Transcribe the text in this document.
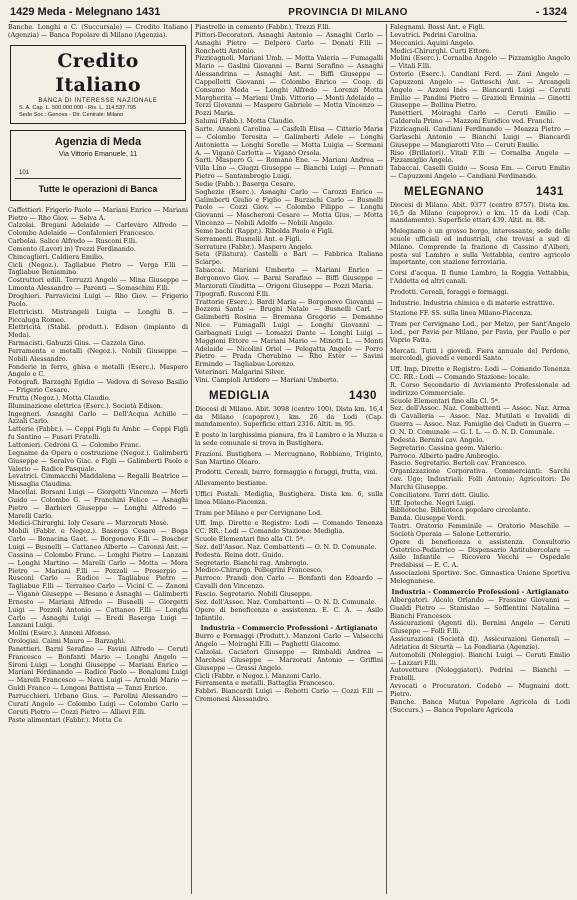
1429 Meda - Melegnano 1431	PROVINCIA DI MILANO	- 1324

Banche. Longhi e C. (Succursale) — Credito Italiano (Agenzia) — Banca Popolare di Milano (Agenzia).

Credito Italiano
BANCA DI INTERESSE NAZIONALE
S. A. Cap. L. 500.000.000 - Ris. L. 114.537.795
Sede Soc.: Genova - Dir. Centrale: Milano
Agenzia di Meda
Via Vittorio Emanuele, 11
101
Tutte le operazioni di Banca

Caffettieri. Frigerio Paolo — Mariani Enrico — Mariani Pietro — Rho Giov. — Selva A.

Calzolai. Bregani Adelaide — Carlevaro Alfredo — Colombo Adelaide — Confalonieri Francesco.

Carbolai. Salice Alfredo — Rusconi F.lli.

Cemento (Lavori in) Trezzi Ferdinando.

Chincaglieri. Caldiera Emilio.

Cicli (Negoz.). Tagliabue Pietro — Verga F.lli — Tagliabue Beniamino.

Costruttori edili. Terruzzi Angelo — Mina Giuseppe — Limonta Alessandro — Parenti — Somaschini F.lli.

Droghieri. Parravicini Luigi — Rho Giov. — Frigerio Paolo.

Elettricisti. Mistrangeli Luigia — Longhi B. — Piccaluga Romeo.

Elettricità (Stabil. produtt.). Edison (impianto di Meda).

Farmacisti. Gabuzzi Gius. — Cazzola Gino.

Ferramenta e metalli (Negoz.). Nobili Giuseppe — Nobili Alessandro.

Fonderie in ferro, ghisa e metalli (Eserc.). Maspero Angelo e C.

Fotografi. Barzaghi Egidio — Vedova di Seveso Basilio — Frigerio Cesare.

Frutta (Negoz.). Motta Claudio.

Illuminazione elettrica (Eserc.). Società Edison.

Ingegneri. Asnaghi Carlo — Dell'Acqua Achille — Azzali Carlo.

Latterie (Fabbr.). — Ceppi Figli fu Ambr. — Ceppi Figli fu Santino — Fusari Fratelli.

Lattonieri. Cedroni G. — Colombo Franc.

Legname da Opera e costruzione (Negoz.). Galimberti Giuseppe — Seralvo Giac. e Figli — Galimberti Paolo e Valerio — Radice Pasquale.

Levatrici. Cimmacchi Maddalena — Regalli Beatrice — Missaglia Claudina.

Macellai. Borsani Luigi — Giorgetti Vincenzo — Merli Guido — Colombo G. — Franchini Felice — Asnaghi Pietro — Barbieri Giuseppe — Longhi Alfredo — Marelli Carlo.

Medici-Chirurghi. Ioly Cesare — Marzorati Mosè.

Mobili (Fabbr. e Negoz.). Baserga Cesare — Boga Carlo — Bonacina Gaet. — Borgonovo F.lli — Boscher Luigi — Busnelli — Cattaneo Alberto — Caronni Ant. — Cassina — Colombo Franc. — Longhi Pietro — Lanzani — Longhi Martino — Marelli Carlo — Motta — Mora Pietro — Mariani F.lli — Pozzoli — Proserpio — Rusconi Carlo — Radice — Tagliabue Pietro — Tagliabue F.lli — Terraneo Carlo — Vicini C. — Zanoni — Viganò Giuseppe — Besana e Asnaghi — Galimberti Ernesto — Mariani Alfredo — Busnelli — Giorgetti Luigi — Pozzoli Antonio — Cattaneo F.lli — Longhi Carlo — Asnaghi Luigi — Eredi Baserga Luigi — Lanzani Luigi.

Molini (Eserc.). Annoni Alfonso.

Orologiai. Caimi Mauro — Barzaghi.

Panettieri. Barni Serafino — Favini Alfredo — Ceruti Francesco — Bonfanti Mario — Longhi Angelo — Sironi Luigi — Longhi Giuseppe — Mariani Enrico — Mariani Ferdinando — Radice Paolo — Bonalumi Luigi — Marelli Francesco — Nava Luigi — Arnoldi Mario — Guldi Franco — Longoni Battista — Tanzi Enrico.

Parrucchieri. Urbano Gius. — Parolini Alessandro — Curati Angelo — Colombo Luigi — Colombo Carlo — Ceruti Pietro — Cozzi Pietro — Allievi F.lli.

Paste alimentari (Fabbr.). Motta Ce

Piastrelle in cemento (Fabbr.). Trezzi F.lli.

Pittori-Decoratori. Asnaghi Antonio — Asnaghi Carlo — Asnaghi Pietro — Delpero Carlo — Donati F.lli — Ronchetti Antonio.

Pizzicagnoli. Mariani Umb. — Motta Valeria — Fumagalli Mario — Gaslini Giovanni — Barni Serafino — Asnaghi Alessandrina — Asnaghi Ant. — Biffi Giuseppe — Cappelletti Giovanni — Colombo Enrico — Coop. di Consumo Meda — Longhi Alfredo — Lorenzi Motta Margherita — Mariani Umb. Vittorio — Monti Adelaide — Terzi Giovanni — Maspero Gabriele — Motta Vincenzo — Pozzi Maria.

Salumi (Fabb.). Motta Claudio.

Sarte. Annoni Carolina — Casfelli Elisa — Citterio Maria — Colombo Teresita — Galimberti Adele — Longhi Antonietta — Longhi Sorelle — Motta Luigia — Sormani A. — Viganò Carlotta — Viganò Orsola.

Sarti. Maspero G. — Romanò Ene. — Mariani Andrea — Villa Lino — Giugzi Giuseppe — Bianchi Luigi — Pennati Pietro — Santambrogio Luigi.

Sedie (Fabb.). Baserga Cesare.

Soghezie (Eserc.). Asnaghi Carlo — Carozzi Enrico — Galimberti Giulio e Figlio — Burzachi Carlo — Busnelli Paolo — Cozzi Giov. — Colombo Filippo — Longhi Giovanni — Mascheroni Cesare — Motta Gius. — Motta Vincenzo — Nobili Adolfo — Nobili Angelo.

Seme bachi (Rappr.). Ribolda Paolo e Figli.

Serramenti. Busnelli Ant. e Figli.

Serrature (Fabbr.). Maspero Angelo.

Seta (Filatura). Castelli e Bari — Fabbrica Italiana Sciarpe.

Tabaccai. Mariani Umberto — Mariani Enrico — Borgonovo Giov. — Barni Serafino — Biffi Giuseppe — Marzorati Giuditta — Origoni Giuseppe — Pozzi Maria.

Tipografi. Rusconi F.lli.

Trattorie (Eserc.). Bardi Maria — Borgonovo Giovanni — Bozzeni Santa — Brugni Natale — Busnelli Carl. — Galimberti Rosina — Bremana Gregorio — Demanno Nice. — Fumagalli Luigi — Longhi Giovanni — Garbagnati Luigi — Lomazzi Dante — Longhi Luigi — Maggioni Ettore — Mariani Mario — Minotti L. — Monti Adelaide — Nicolini Oriel — Pelegatta Angelo — Porro Pietro — Prada Cherubino — Rho Ester — Savini Ermindo — Tagliabue Lorenzo.

Veterinari. Malgarini Silver.

Vini. Campioli Artidoro — Mariani Umberto.

MEDIGLIA	1430

Diocesi di Milano. Abit. 3098 (centro 100). Dista km. 16,4 da Milano (capoprov.), km. 26 da Lodi (Cap. mandamento). Superficie ettari 2316. Altit. m. 95.

È posto in larghissima pianura, fra il Lambro e la Muzza e la sede comunale si trova in Bustighera.

Frazioni. Bustighera — Mercugnano, Robbiano, Triginto, San Martino Olearo.

Prodotti. Cereali, burro, formaggio e foraggi, frutta, vini.

Allevamento bestiame.

Uffici Postali. Mediglia, Bustighera. Dista km. 6, sulla linea Milano-Piacenza.

Tram per Milano e per Cervignano Lod.

Uff. Imp. Dirette e Registro: Lodi — Comando Tenenza CC. RR.: Lodi — Comando Stazione: Mediglia.

Scuole Elementari fino alla Cl. 5ª.

Sez. dell'Assoc. Naz. Combattenti — O. N. D. Comunale.

Podestà. Reina dott. Guido.

Segretario. Bianchi rag. Ambrogio.

Medico-Chirurgo. Pellegrini Francesco.

Parroco. Prandi don Carlo — Bonfanti don Edoardo — Cavalli don Vincenzo.

Fascio. Segretario. Nobili Giuseppe.

Sez. dell'Assoc. Naz. Combattenti — O. N. D. Comunale.

Opere di beneficenza e assistenza. E. C. A. — Asilo Infantile.

Industria - Commercio Professioni - Artigianato

Burro e Formaggi (Produtt.). Manzoni Carlo — Valsecchi Angelo — Moiraghi F.lli — Paghetti Giacomo.

Calzolai. Caciatori Giuseppe — Rimbaldi Andrea — Marchesi Giuseppe — Marzorati Antonio — Griffini Giuseppe — Grassi Angelo.

Cicli (Fabbr. e Negoz.). Manzoni Carlo.

Ferramenta e metalli. Battaglia Francesco.

Fabbri. Biancardi Luigi — Rebotti Carlo — Cozzi F.lli — Cremonesi Alessandro.

Falegnami. Bossi Ant. e Figli.

Levatrici. Pedrini Carolina.

Meccanici. Aquini Angelo.

Medici-Chirurghi. Curti Ettore.

Molini (Eserc.). Cornalba Angelo — Pizzamiglio Angelo — Vitali F.lli.

Osterie (Eserc.). Candiani Ferd. — Zani Angelo — Capuzzoni Angelo — Gatteschi Ant. — Arcangeli Angelo — Azzoni Inès — Biancardi Luigi — Ceruti Emilio — Pandini Pietro — Grazioli Erminia — Ginetti Giuseppe — Bollina Pietro.

Panettieri. Moiraghi Carlo — Ceruti Emilio — Calderola Primo — Mazzoni Euridice ved. Franchi.

Pizzicagnoli. Candiani Ferdinando — Meazza Pietro — Garlaschi Antonio — Bianchi Luigi — Biancardi Giuseppe — Mangiarotti Vito — Ceruti Emilio.

Riso (Brillatori). Vitali F.lli — Cornalba Angelo — Pizzamiglio Angelo.

Tabaccai. Caselli Guido — Scesa Em. — Ceruti Emilio — Capuzzoni Angelo — Candiani Ferdinando.

MELEGNANO	1431

Diocesi di Milano. Abit. 9377 (centro 8757). Dista km. 16,5 da Milano (capoprov.) e km. 15 da Lodi (Cap. mandamento). Superficie ettari 439. Altit. m. 88.

Melegnano è un grosso borgo, interessante, sede delle scuole ufficiali ed industriali, che trovasi a sud di Milano. Comprende la frazione di Cassino d'Alberi, posta sul Lambro e sulla Vettabbia, centro agricolo importante, con stazione ferroviaria.

Corsi d'acqua. Il fiume Lambro, la Roggia Vettabbia, l'Addetta ed altri canali.

Prodotti. Cereali, foraggi e formaggi.

Industrie. Industria chimica e di materie estrattive.

Stazione FF. SS. sulla linea Milano-Piacenza.

Tram per Cervignano Lod., per Melzo, per Sant'Angelo Lod., per Pavia per Milano, per Pavia, per Paullo e per Vaprio Fatta.

Mercati. Tutti i giovedì. Fiera annuale del Perdono, mercoledì, giovedì e venerdì Santo.

Uff. Imp. Dirette e Registro: Lodi — Comando Tenenza CC. RR.: Lodi — Comando Stazione: locale.

R. Corso Secondario di Avviamento Professionale ad indirizzo Commerciale.

Scuole Elementari fino alla Cl. 5ª.

Sez. dell'Assoc. Naz. Combattenti — Assoc. Naz. Arma di Cavalleria — Assoc. Naz. Mutilati e Invalidi di Guerra — Assoc. Naz. Famiglie dei Caduti in Guerra — O. N. D. Comunale — G. I. L. — O. N. D. Comunale.

Podestà. Bernini cav. Angelo.

Segretario. Cassina geom. Valerio.

Parroco. Alberto padre Ambrogio.

Fascio. Segretario. Bertoli cav. Francesco.

Organizzazione Corporativa. Commercianti: Sarchi cav. Ugo; Industriali: Folli Antonio; Agricoltori: De Marchi Giuseppe.

Conciliatore. Torri dott. Giulio.

Uff. Ipoteche. Negri Luigi.

Biblioteche. Biblioteca popolare circolante.

Banda. Giuseppe Verdi.

Teatri. Oratorio Femminile — Oratorio Maschile — Società Operaia — Salone Letterario.

Opere di beneficenza e assistenza. Consultorio Ostetrico-Pediatrico — Dispensario Antitubercolare — Asilo Infantile — Ricovero Vecchi — Ospedale Predabissi — E. C. A.

Associazioni Sportive. Soc. Ginnastica Unione Sportiva Melegnanese.

Industria - Commercio Professioni - Artigianato

Albergatori. Alcolo Orlando — Frassine Giovanni — Gualdi Pietro — Stanislao — Soffientini Natalina — Bianchi Francesco.

Assicurazioni (Agenti di). Bernini Angelo — Ceruti Giuseppe — Folli F.lli.

Assicurazioni (Società di). Assicurazioni Generali — Adriatica di Sicurtà — La Fondiaria (Agenzie).

Automobili (Noleggio). Bianchi Luigi — Ceruti Emilio — Lazzari F.lli.

Autovetture (Noleggiatori). Pedrini — Bianchi — Fratelli.

Avvocati e Procuratori. Codebò — Mugnaini dott. Pietro.

Banche. Banca Mutua Popolare Agricola di Lodi (Succurs.) — Banca Popolare Agricola
